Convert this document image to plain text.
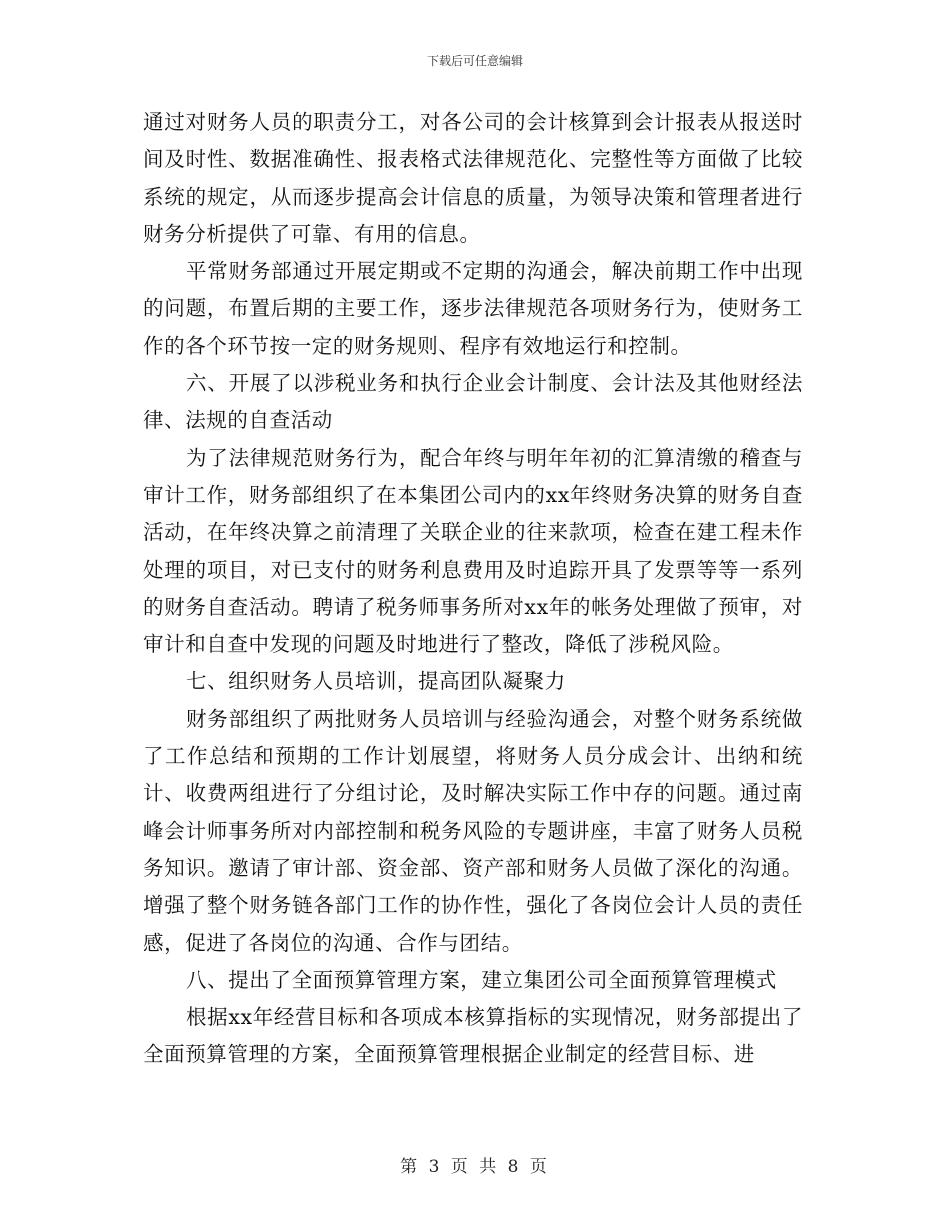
下载后可任意编辑

通过对财务人员的职责分工，对各公司的会计核算到会计报表从报送时间及时性、数据准确性、报表格式法律规范化、完整性等方面做了比较系统的规定，从而逐步提高会计信息的质量，为领导决策和管理者进行财务分析提供了可靠、有用的信息。

平常财务部通过开展定期或不定期的沟通会，解决前期工作中出现的问题，布置后期的主要工作，逐步法律规范各项财务行为，使财务工作的各个环节按一定的财务规则、程序有效地运行和控制。

六、开展了以涉税业务和执行企业会计制度、会计法及其他财经法律、法规的自查活动

为了法律规范财务行为，配合年终与明年年初的汇算清缴的稽查与审计工作，财务部组织了在本集团公司内的xx年终财务决算的财务自查活动，在年终决算之前清理了关联企业的往来款项，检查在建工程未作处理的项目，对已支付的财务利息费用及时追踪开具了发票等等一系列的财务自查活动。聘请了税务师事务所对xx年的帐务处理做了预审，对审计和自查中发现的问题及时地进行了整改，降低了涉税风险。

七、组织财务人员培训，提高团队凝聚力

财务部组织了两批财务人员培训与经验沟通会，对整个财务系统做了工作总结和预期的工作计划展望，将财务人员分成会计、出纳和统计、收费两组进行了分组讨论，及时解决实际工作中存的问题。通过南峰会计师事务所对内部控制和税务风险的专题讲座，丰富了财务人员税务知识。邀请了审计部、资金部、资产部和财务人员做了深化的沟通。增强了整个财务链各部门工作的协作性，强化了各岗位会计人员的责任感，促进了各岗位的沟通、合作与团结。

八、提出了全面预算管理方案，建立集团公司全面预算管理模式

根据xx年经营目标和各项成本核算指标的实现情况，财务部提出了全面预算管理的方案，全面预算管理根据企业制定的经营目标、进

第 3 页 共 8 页
